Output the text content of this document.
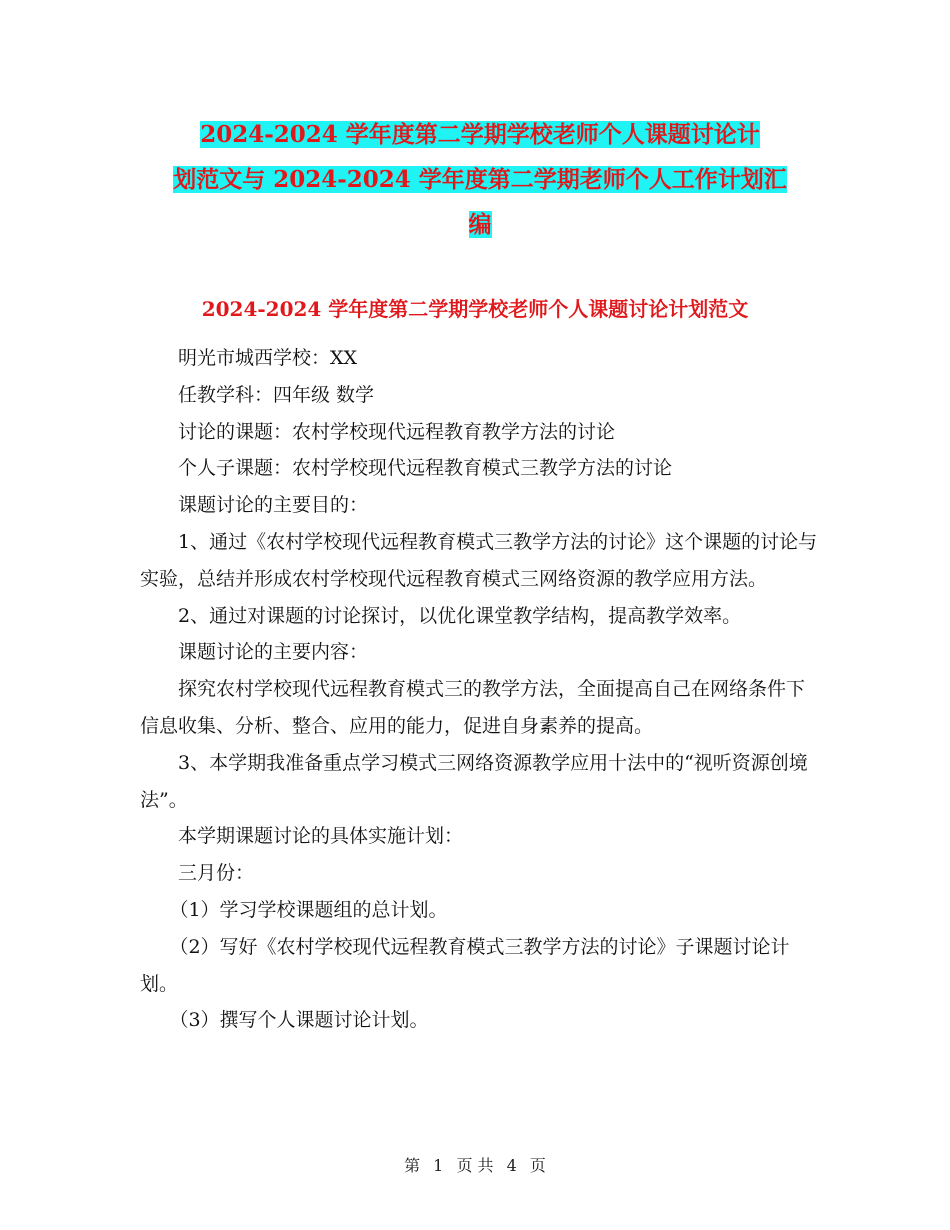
2024-2024 学年度第二学期学校老师个人课题讨论计
划范文与 2024-2024 学年度第二学期老师个人工作计划汇
编
2024-2024 学年度第二学期学校老师个人课题讨论计划范文

明光市城西学校：XX

任教学科：四年级 数学

讨论的课题：农村学校现代远程教育教学方法的讨论

个人子课题：农村学校现代远程教育模式三教学方法的讨论

课题讨论的主要目的：

1、通过《农村学校现代远程教育模式三教学方法的讨论》这个课题的讨论与实验，总结并形成农村学校现代远程教育模式三网络资源的教学应用方法。

2、通过对课题的讨论探讨，以优化课堂教学结构，提高教学效率。

课题讨论的主要内容：

探究农村学校现代远程教育模式三的教学方法，全面提高自己在网络条件下信息收集、分析、整合、应用的能力，促进自身素养的提高。

3、本学期我准备重点学习模式三网络资源教学应用十法中的“视听资源创境法”。

本学期课题讨论的具体实施计划：

三月份：

（1）学习学校课题组的总计划。

（2）写好《农村学校现代远程教育模式三教学方法的讨论》子课题讨论计划。

（3）撰写个人课题讨论计划。

第 1 页 共 4 页
